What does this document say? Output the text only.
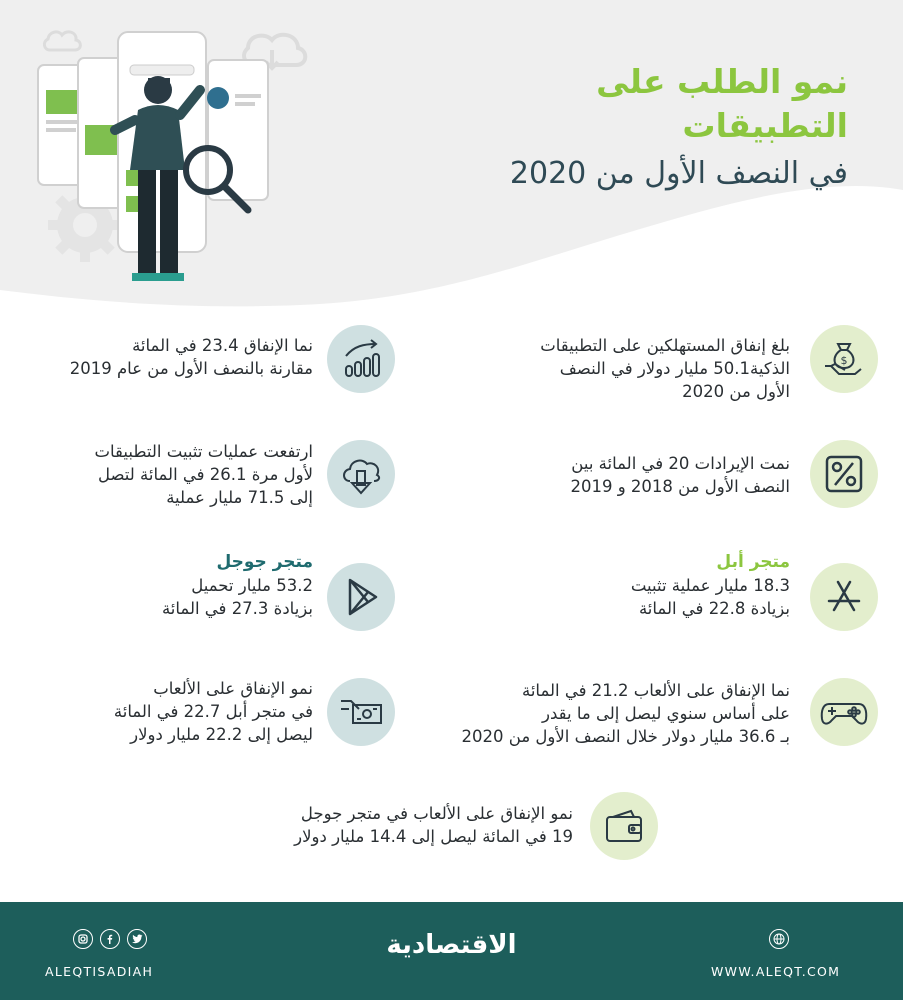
نمو الطلب على التطبيقات
في النصف الأول من 2020
$
بلغ إنفاق المستهلكين على التطبيقات
الذكية50.1 مليار دولار في النصف
الأول من 2020
نما الإنفاق 23.4 في المائة
مقارنة بالنصف الأول من عام 2019
نمت الإيرادات 20 في المائة بين
النصف الأول من 2018 و 2019
ارتفعت عمليات تثبيت التطبيقات
لأول مرة 26.1 في المائة لتصل
إلى 71.5 مليار عملية
متجر أبل
18.3 مليار عملية تثبيت
بزيادة 22.8 في المائة
متجر جوجل
53.2 مليار تحميل
بزيادة 27.3 في المائة
نما الإنفاق على الألعاب 21.2 في المائة
على أساس سنوي ليصل إلى ما يقدر
بـ 36.6 مليار دولار خلال النصف الأول من 2020
نمو الإنفاق على الألعاب
في متجر أبل 22.7 في المائة
ليصل إلى 22.2 مليار دولار
نمو الإنفاق على الألعاب في متجر جوجل
19 في المائة ليصل إلى 14.4 مليار دولار
ALEQTISADIAH
الاقتصادية
WWW.ALEQT.COM
